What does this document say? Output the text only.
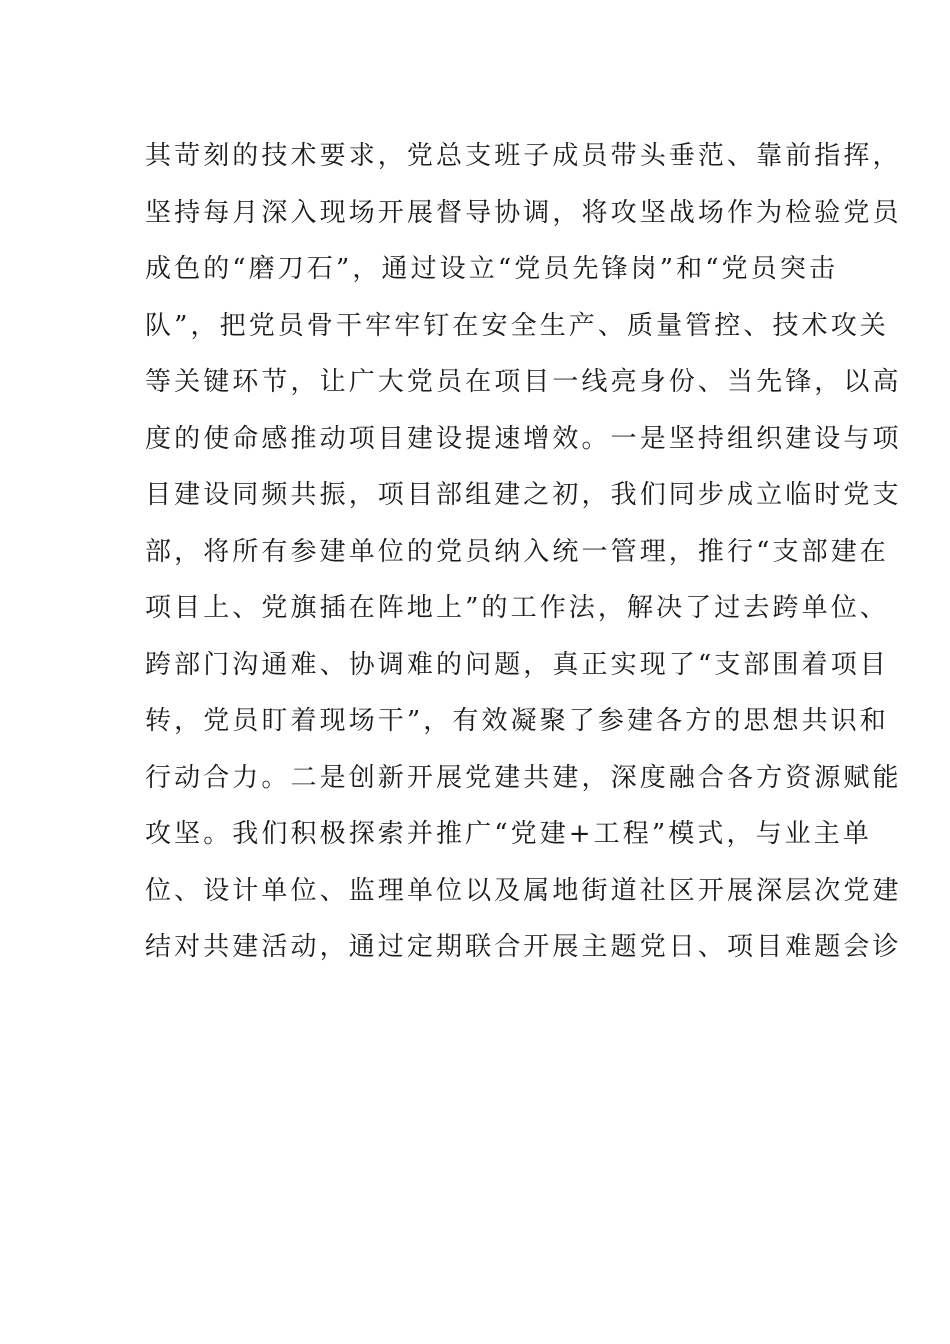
其苛刻的技术要求，党总支班子成员带头垂范、靠前指挥，
坚持每月深入现场开展督导协调，将攻坚战场作为检验党员
成色的“磨刀石”，通过设立“党员先锋岗”和“党员突击
队”，把党员骨干牢牢钉在安全生产、质量管控、技术攻关
等关键环节，让广大党员在项目一线亮身份、当先锋，以高
度的使命感推动项目建设提速增效。一是坚持组织建设与项
目建设同频共振，项目部组建之初，我们同步成立临时党支
部，将所有参建单位的党员纳入统一管理，推行“支部建在
项目上、党旗插在阵地上”的工作法，解决了过去跨单位、
跨部门沟通难、协调难的问题，真正实现了“支部围着项目
转，党员盯着现场干”，有效凝聚了参建各方的思想共识和
行动合力。二是创新开展党建共建，深度融合各方资源赋能
攻坚。我们积极探索并推广“党建+工程”模式，与业主单
位、设计单位、监理单位以及属地街道社区开展深层次党建
结对共建活动，通过定期联合开展主题党日、项目难题会诊
